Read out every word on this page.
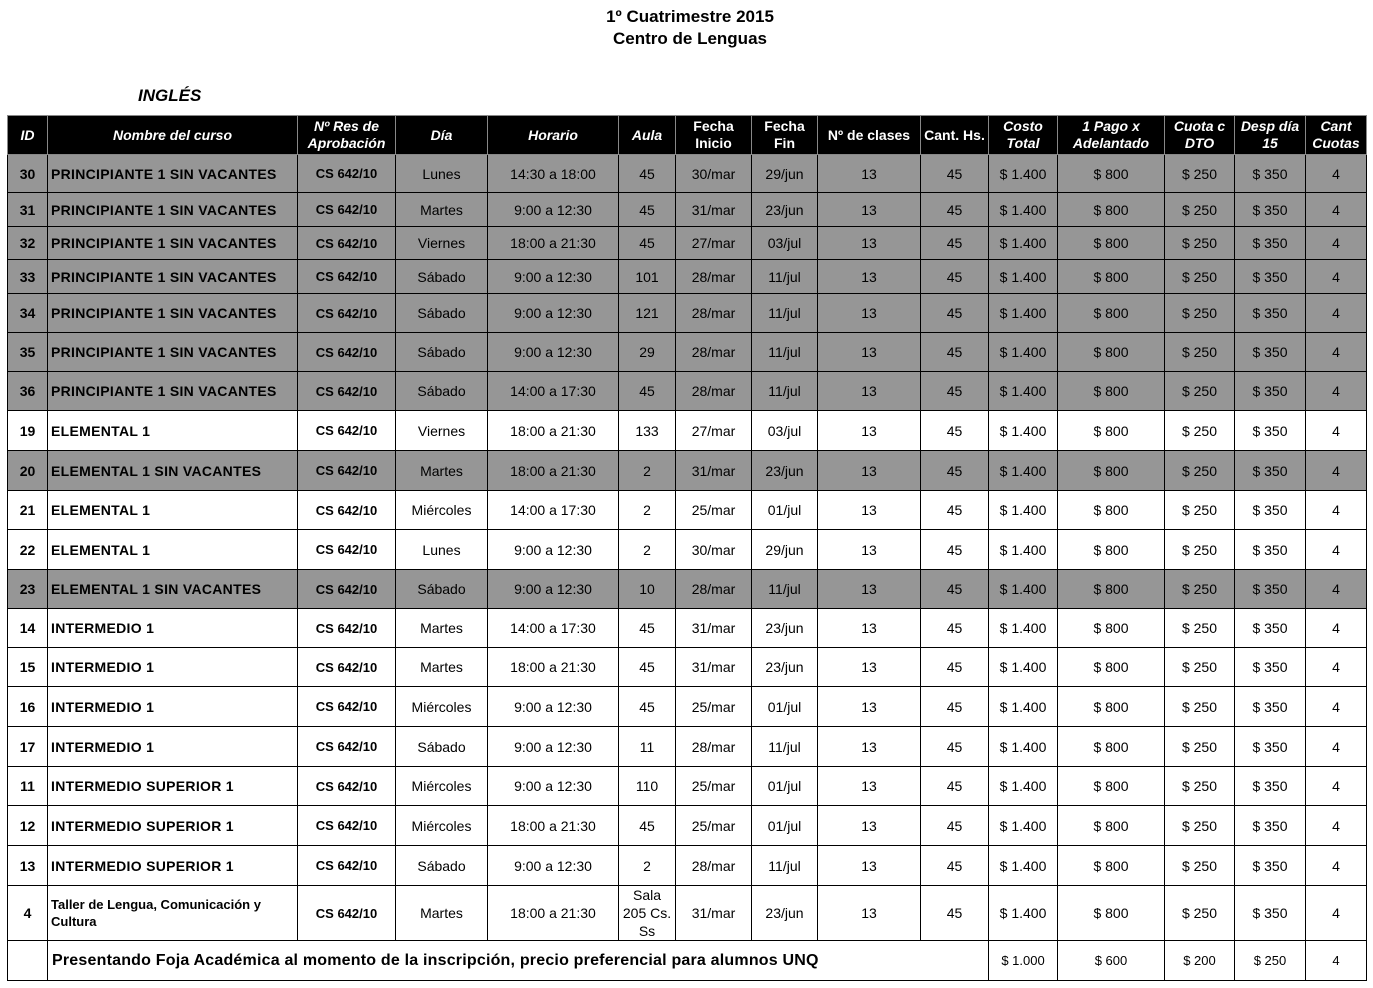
1º Cuatrimestre 2015
Centro de Lenguas
INGLÉS
ID	Nombre del curso	Nº Res de Aprobación	Día	Horario	Aula	Fecha Inicio	Fecha Fin	Nº de clases	Cant. Hs.	Costo Total	1 Pago x Adelantado	Cuota c DTO	Desp día 15	Cant Cuotas
30	PRINCIPIANTE 1 SIN VACANTES	CS 642/10	Lunes	14:30 a 18:00	45	30/mar	29/jun	13	45	$ 1.400	$ 800	$ 250	$ 350	4
31	PRINCIPIANTE 1 SIN VACANTES	CS 642/10	Martes	9:00 a 12:30	45	31/mar	23/jun	13	45	$ 1.400	$ 800	$ 250	$ 350	4
32	PRINCIPIANTE 1 SIN VACANTES	CS 642/10	Viernes	18:00 a 21:30	45	27/mar	03/jul	13	45	$ 1.400	$ 800	$ 250	$ 350	4
33	PRINCIPIANTE 1 SIN VACANTES	CS 642/10	Sábado	9:00 a 12:30	101	28/mar	11/jul	13	45	$ 1.400	$ 800	$ 250	$ 350	4
34	PRINCIPIANTE 1 SIN VACANTES	CS 642/10	Sábado	9:00 a 12:30	121	28/mar	11/jul	13	45	$ 1.400	$ 800	$ 250	$ 350	4
35	PRINCIPIANTE 1 SIN VACANTES	CS 642/10	Sábado	9:00 a 12:30	29	28/mar	11/jul	13	45	$ 1.400	$ 800	$ 250	$ 350	4
36	PRINCIPIANTE 1 SIN VACANTES	CS 642/10	Sábado	14:00 a 17:30	45	28/mar	11/jul	13	45	$ 1.400	$ 800	$ 250	$ 350	4
19	ELEMENTAL 1	CS 642/10	Viernes	18:00 a 21:30	133	27/mar	03/jul	13	45	$ 1.400	$ 800	$ 250	$ 350	4
20	ELEMENTAL 1 SIN VACANTES	CS 642/10	Martes	18:00 a 21:30	2	31/mar	23/jun	13	45	$ 1.400	$ 800	$ 250	$ 350	4
21	ELEMENTAL 1	CS 642/10	Miércoles	14:00 a 17:30	2	25/mar	01/jul	13	45	$ 1.400	$ 800	$ 250	$ 350	4
22	ELEMENTAL 1	CS 642/10	Lunes	9:00 a 12:30	2	30/mar	29/jun	13	45	$ 1.400	$ 800	$ 250	$ 350	4
23	ELEMENTAL 1 SIN VACANTES	CS 642/10	Sábado	9:00 a 12:30	10	28/mar	11/jul	13	45	$ 1.400	$ 800	$ 250	$ 350	4
14	INTERMEDIO 1	CS 642/10	Martes	14:00 a 17:30	45	31/mar	23/jun	13	45	$ 1.400	$ 800	$ 250	$ 350	4
15	INTERMEDIO 1	CS 642/10	Martes	18:00 a 21:30	45	31/mar	23/jun	13	45	$ 1.400	$ 800	$ 250	$ 350	4
16	INTERMEDIO 1	CS 642/10	Miércoles	9:00 a 12:30	45	25/mar	01/jul	13	45	$ 1.400	$ 800	$ 250	$ 350	4
17	INTERMEDIO 1	CS 642/10	Sábado	9:00 a 12:30	11	28/mar	11/jul	13	45	$ 1.400	$ 800	$ 250	$ 350	4
11	INTERMEDIO SUPERIOR 1	CS 642/10	Miércoles	9:00 a 12:30	110	25/mar	01/jul	13	45	$ 1.400	$ 800	$ 250	$ 350	4
12	INTERMEDIO SUPERIOR 1	CS 642/10	Miércoles	18:00 a 21:30	45	25/mar	01/jul	13	45	$ 1.400	$ 800	$ 250	$ 350	4
13	INTERMEDIO SUPERIOR 1	CS 642/10	Sábado	9:00 a 12:30	2	28/mar	11/jul	13	45	$ 1.400	$ 800	$ 250	$ 350	4
4	Taller de Lengua, Comunicación y Cultura	CS 642/10	Martes	18:00 a 21:30	Sala 205 Cs. Ss	31/mar	23/jun	13	45	$ 1.400	$ 800	$ 250	$ 350	4
	Presentando Foja Académica al momento de la inscripción, precio preferencial para alumnos UNQ									$ 1.000	$ 600	$ 200	$ 250	4
